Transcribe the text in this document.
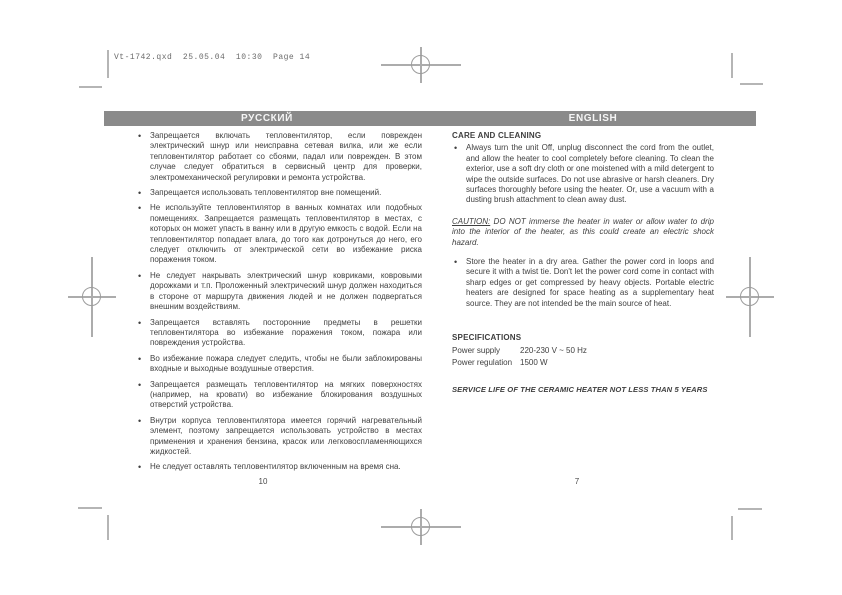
Vt-1742.qxd  25.05.04  10:30  Page 14
РУССКИЙ	ENGLISH
• Запрещается включать тепловентилятор, если поврежден электрический шнур или неисправна сетевая вилка, или же если тепловентилятор работает со сбоями, падал или поврежден. В этом случае следует обратиться в сервисный центр для проверки, электромеханической регулировки и ремонта устройства.
• Запрещается использовать тепловентилятор вне помещений.
• Не используйте тепловентилятор в ванных комнатах или подобных помещениях. Запрещается размещать тепловентилятор в местах, с которых он может упасть в ванну или в другую емкость с водой. Если на тепловентилятор попадает влага, до того как дотронуться до него, его следует отключить от электрической сети во избежание риска поражения током.
• Не следует накрывать электрический шнур ковриками, ковровыми дорожками и т.п. Проложенный электрический шнур должен находиться в стороне от маршрута движения людей и не должен подвергаться внешним воздействиям.
• Запрещается вставлять посторонние предметы в решетки тепловентилятора во избежание поражения током, пожара или повреждения устройства.
• Во избежание пожара следует следить, чтобы не были заблокированы входные и выходные воздушные отверстия.
• Запрещается размещать тепловентилятор на мягких поверхностях (например, на кровати) во избежание блокирования воздушных отверстий устройства.
• Внутри корпуса тепловентилятора имеется горячий нагревательный элемент, поэтому запрещается использовать устройство в местах применения и хранения бензина, красок или легковоспламеняющихся жидкостей.
• Не следует оставлять тепловентилятор включенным на время сна.
CARE AND CLEANING
• Always turn the unit Off, unplug disconnect the cord from the outlet, and allow the heater to cool completely before cleaning. To clean the exterior, use a soft dry cloth or one moistened with a mild detergent to wipe the outside surfaces. Do not use abrasive or harsh cleaners. Dry surfaces thoroughly before using the heater. Or, use a vacuum with a dusting brush attachment to clean away dust.

CAUTION: DO NOT immerse the heater in water or allow water to drip into the interior of the heater, as this could create an electric shock hazard.

• Store the heater in a dry area. Gather the power cord in loops and secure it with a twist tie. Don't let the power cord come in contact with sharp edges or get compressed by heavy objects. Portable electric heaters are designed for space heating as a supplementary heat source. They are not intended be the main source of heat.
SPECIFICATIONS
Power supply	220-230 V ~ 50 Hz
Power regulation 1500 W
SERVICE LIFE OF THE CERAMIC HEATER NOT LESS THAN 5 YEARS
10	7
